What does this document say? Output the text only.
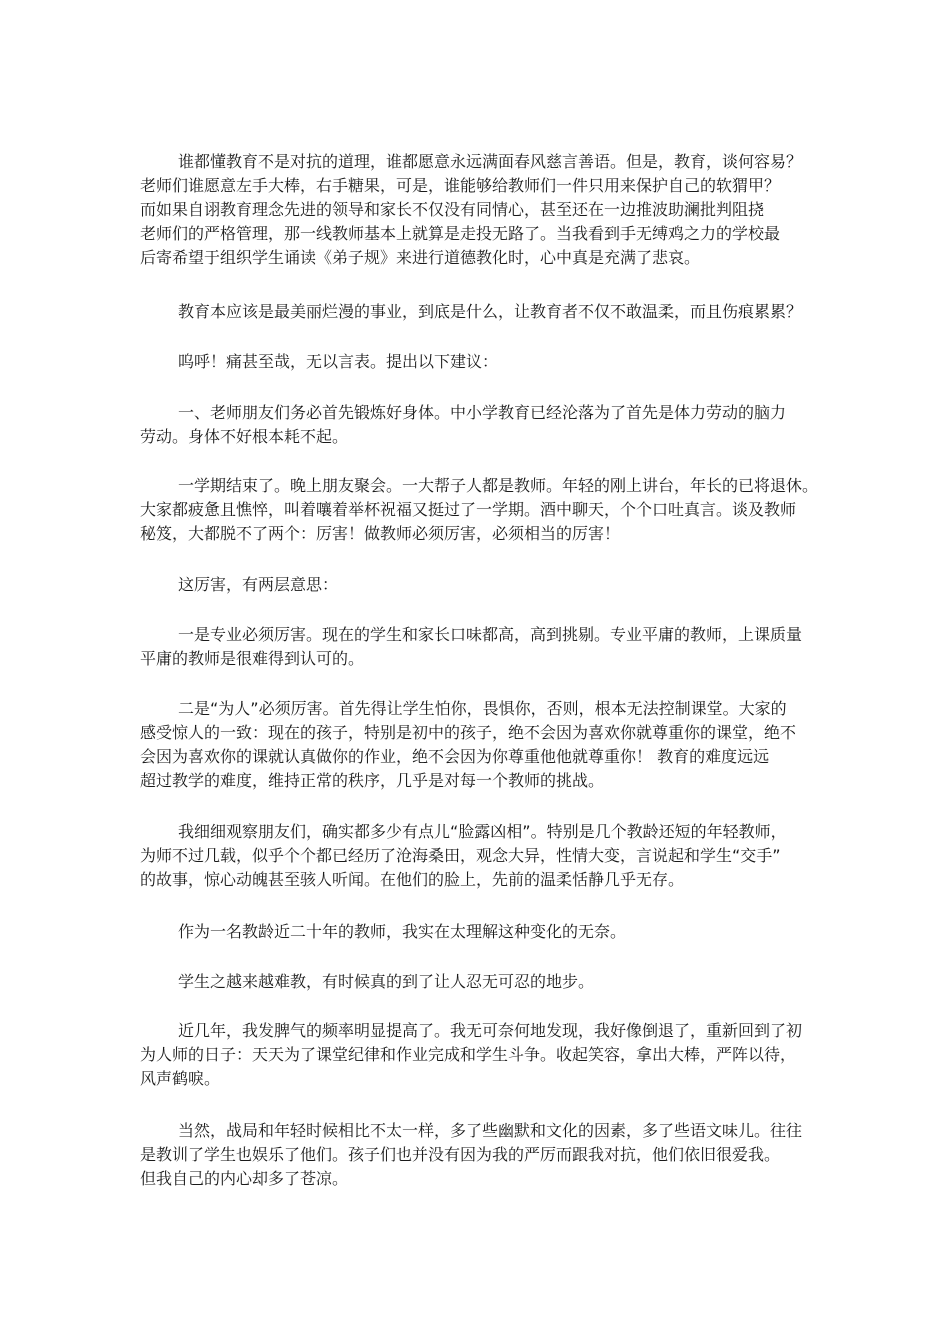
谁都懂教育不是对抗的道理，谁都愿意永远满面春风慈言善语。但是，教育，谈何容易？
老师们谁愿意左手大棒，右手糖果，可是，谁能够给教师们一件只用来保护自己的软猬甲？
而如果自诩教育理念先进的领导和家长不仅没有同情心，甚至还在一边推波助澜批判阻挠
老师们的严格管理，那一线教师基本上就算是走投无路了。当我看到手无缚鸡之力的学校最
后寄希望于组织学生诵读《弟子规》来进行道德教化时，心中真是充满了悲哀。

教育本应该是最美丽烂漫的事业，到底是什么，让教育者不仅不敢温柔，而且伤痕累累？

呜呼！痛甚至哉，无以言表。提出以下建议：

一、老师朋友们务必首先锻炼好身体。中小学教育已经沦落为了首先是体力劳动的脑力
劳动。身体不好根本耗不起。

一学期结束了。晚上朋友聚会。一大帮子人都是教师。年轻的刚上讲台，年长的已将退休。
大家都疲惫且憔悴，叫着嚷着举杯祝福又挺过了一学期。酒中聊天，个个口吐真言。谈及教师
秘笈，大都脱不了两个：厉害！做教师必须厉害，必须相当的厉害！

这厉害，有两层意思：

一是专业必须厉害。现在的学生和家长口味都高，高到挑剔。专业平庸的教师，上课质量
平庸的教师是很难得到认可的。

二是“为人”必须厉害。首先得让学生怕你，畏惧你，否则，根本无法控制课堂。大家的
感受惊人的一致：现在的孩子，特别是初中的孩子，绝不会因为喜欢你就尊重你的课堂，绝不
会因为喜欢你的课就认真做你的作业，绝不会因为你尊重他他就尊重你！ 教育的难度远远
超过教学的难度，维持正常的秩序，几乎是对每一个教师的挑战。

我细细观察朋友们，确实都多少有点儿“脸露凶相”。特别是几个教龄还短的年轻教师，
为师不过几载，似乎个个都已经历了沧海桑田，观念大异，性情大变，言说起和学生“交手”
的故事，惊心动魄甚至骇人听闻。在他们的脸上，先前的温柔恬静几乎无存。

作为一名教龄近二十年的教师，我实在太理解这种变化的无奈。

学生之越来越难教，有时候真的到了让人忍无可忍的地步。

近几年，我发脾气的频率明显提高了。我无可奈何地发现，我好像倒退了，重新回到了初
为人师的日子：天天为了课堂纪律和作业完成和学生斗争。收起笑容，拿出大棒，严阵以待，
风声鹤唳。

当然，战局和年轻时候相比不太一样，多了些幽默和文化的因素，多了些语文味儿。往往
是教训了学生也娱乐了他们。孩子们也并没有因为我的严厉而跟我对抗，他们依旧很爱我。
但我自己的内心却多了苍凉。
